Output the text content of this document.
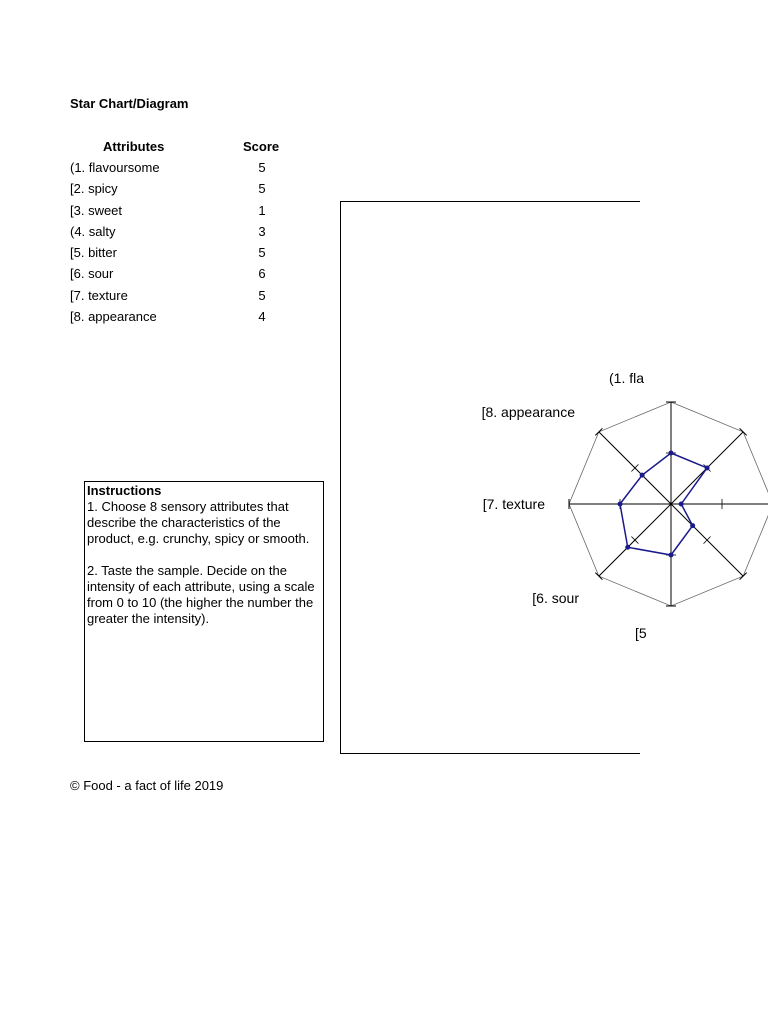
Star Chart/Diagram
Attributes	Score
(1. flavoursome	5
[2. spicy	5
[3. sweet	1
(4. salty	3
[5. bitter	5
[6. sour	6
[7. texture	5
[8. appearance	4
Instructions
1. Choose 8 sensory attributes that describe the characteristics of the product, e.g. crunchy, spicy or smooth.
2. Taste the sample. Decide on the intensity of each attribute, using a scale from 0 to 10 (the higher the number the greater the intensity).
(1. fla
[8. appearance
[7. texture
[6. sour
[5
© Food - a fact of life 2019
